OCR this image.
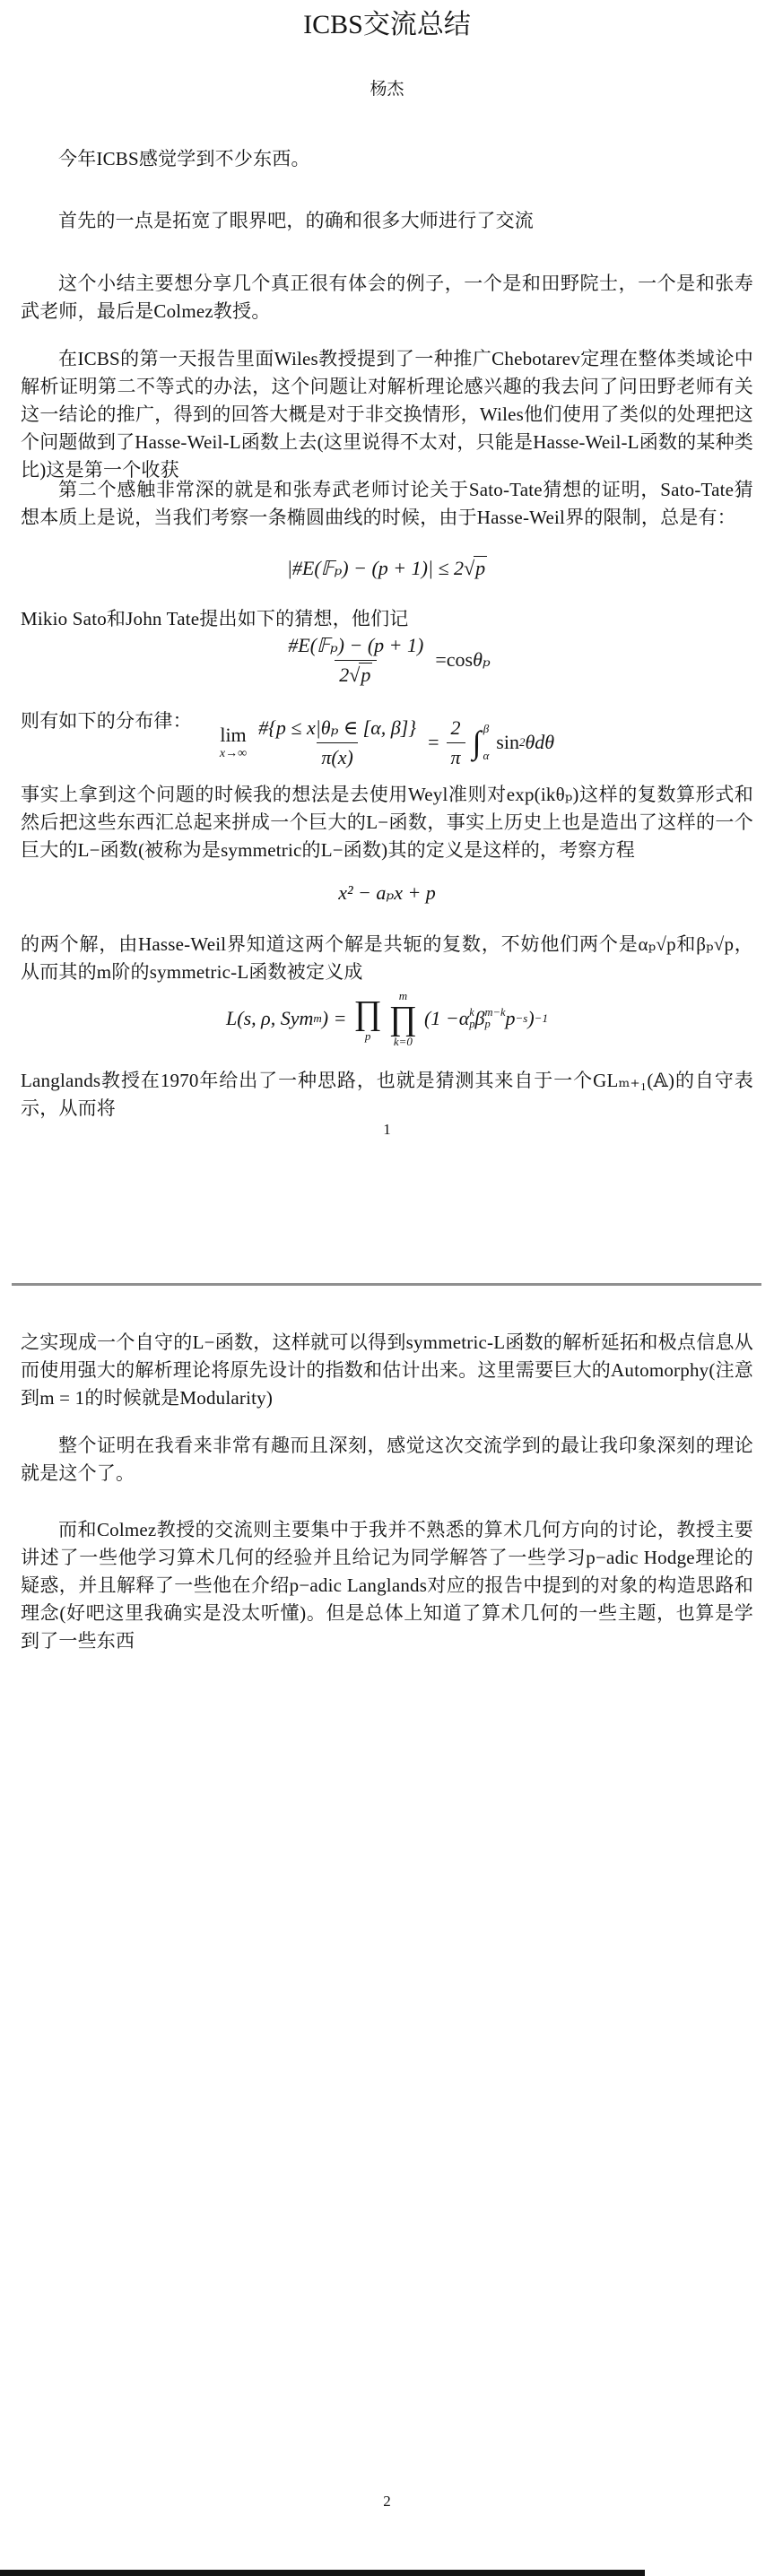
ICBS交流总结
杨杰
今年ICBS感觉学到不少东西。
首先的一点是拓宽了眼界吧，的确和很多大师进行了交流
这个小结主要想分享几个真正很有体会的例子，一个是和田野院士，一个是和张寿武老师，最后是Colmez教授。
在ICBS的第一天报告里面Wiles教授提到了一种推广Chebotarev定理在整体类域论中解析证明第二不等式的办法，这个问题让对解析理论感兴趣的我去问了问田野老师有关这一结论的推广，得到的回答大概是对于非交换情形，Wiles他们使用了类似的处理把这个问题做到了Hasse-Weil-L函数上去(这里说得不太对，只能是Hasse-Weil-L函数的某种类比)这是第一个收获
第二个感触非常深的就是和张寿武老师讨论关于Sato-Tate猜想的证明，Sato-Tate猜想本质上是说，当我们考察一条椭圆曲线的时候，由于Hasse-Weil界的限制，总是有：
|#E(𝔽ₚ) − (p + 1)| ≤ 2 √ p
Mikio Sato和John Tate提出如下的猜想，他们记
$\frac{\text{\#E(𝔽ₚ) − (p + 1)}}{2√p} = \cos \theta_p$
则有如下的分布律：
lim
$x\to\infty \frac{\text{\#\{p ≤ x|θₚ ∈ [α, β]\}}}{\pi(x)} = \frac{2}{\pi}$ ∫ β
α
sin 2 θdθ
事实上拿到这个问题的时候我的想法是去使用Weyl准则对exp(ikθₚ)这样的复数算形式和然后把这些东西汇总起来拼成一个巨大的L−函数，事实上历史上也是造出了这样的一个巨大的L−函数(被称为是symmetric的L−函数)其的定义是这样的，考察方程
x² − aₚx + p
的两个解，由Hasse-Weil界知道这两个解是共轭的复数，不妨他们两个是αₚ√p和βₚ√p，从而其的m阶的symmetric-L函数被定义成
L(s, ρ, Sym m ) = ∏
p
m
∏
k=0
(1 − α k
p β m−k
p p −s ) −1
Langlands教授在1970年给出了一种思路，也就是猜测其来自于一个GLₘ₊₁(𝔸)的自守表示，从而将
1
之实现成一个自守的L−函数，这样就可以得到symmetric-L函数的解析延拓和极点信息从而使用强大的解析理论将原先设计的指数和估计出来。这里需要巨大的Automorphy(注意到m = 1的时候就是Modularity)
整个证明在我看来非常有趣而且深刻，感觉这次交流学到的最让我印象深刻的理论就是这个了。
而和Colmez教授的交流则主要集中于我并不熟悉的算术几何方向的讨论，教授主要讲述了一些他学习算术几何的经验并且给记为同学解答了一些学习p−adic Hodge理论的疑惑，并且解释了一些他在介绍p−adic Langlands对应的报告中提到的对象的构造思路和理念(好吧这里我确实是没太听懂)。但是总体上知道了算术几何的一些主题，也算是学到了一些东西
2
